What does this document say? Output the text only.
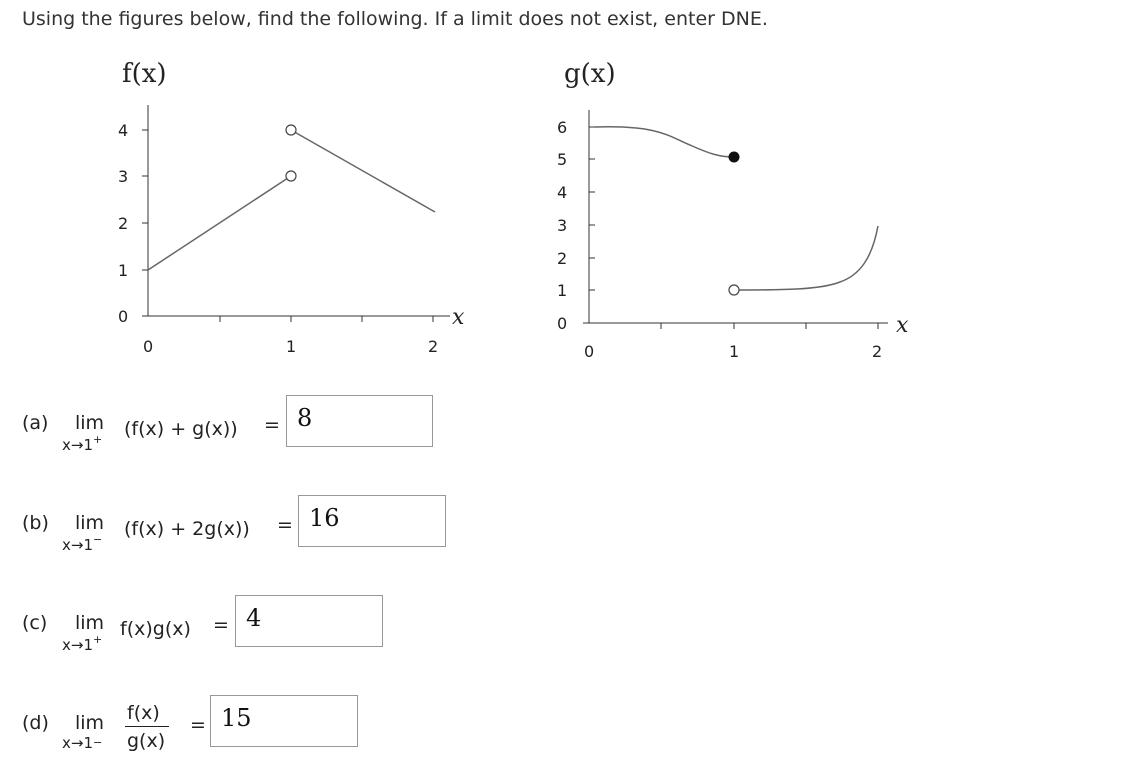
Using the figures below, find the following. If a limit does not exist, enter DNE.
f(x)
4
3
2
1
0
0	1	2
x
g(x)
6
5
4
3
2
1
0
0	1	2
x
(a) lim
x→1+ (f(x) + g(x)) = 8
(b) lim
x→1− (f(x) + 2g(x)) = 16
(c) lim
x→1+ f(x)g(x) = 4
(d) lim
x→1−
f(x)
g(x)
= 15
